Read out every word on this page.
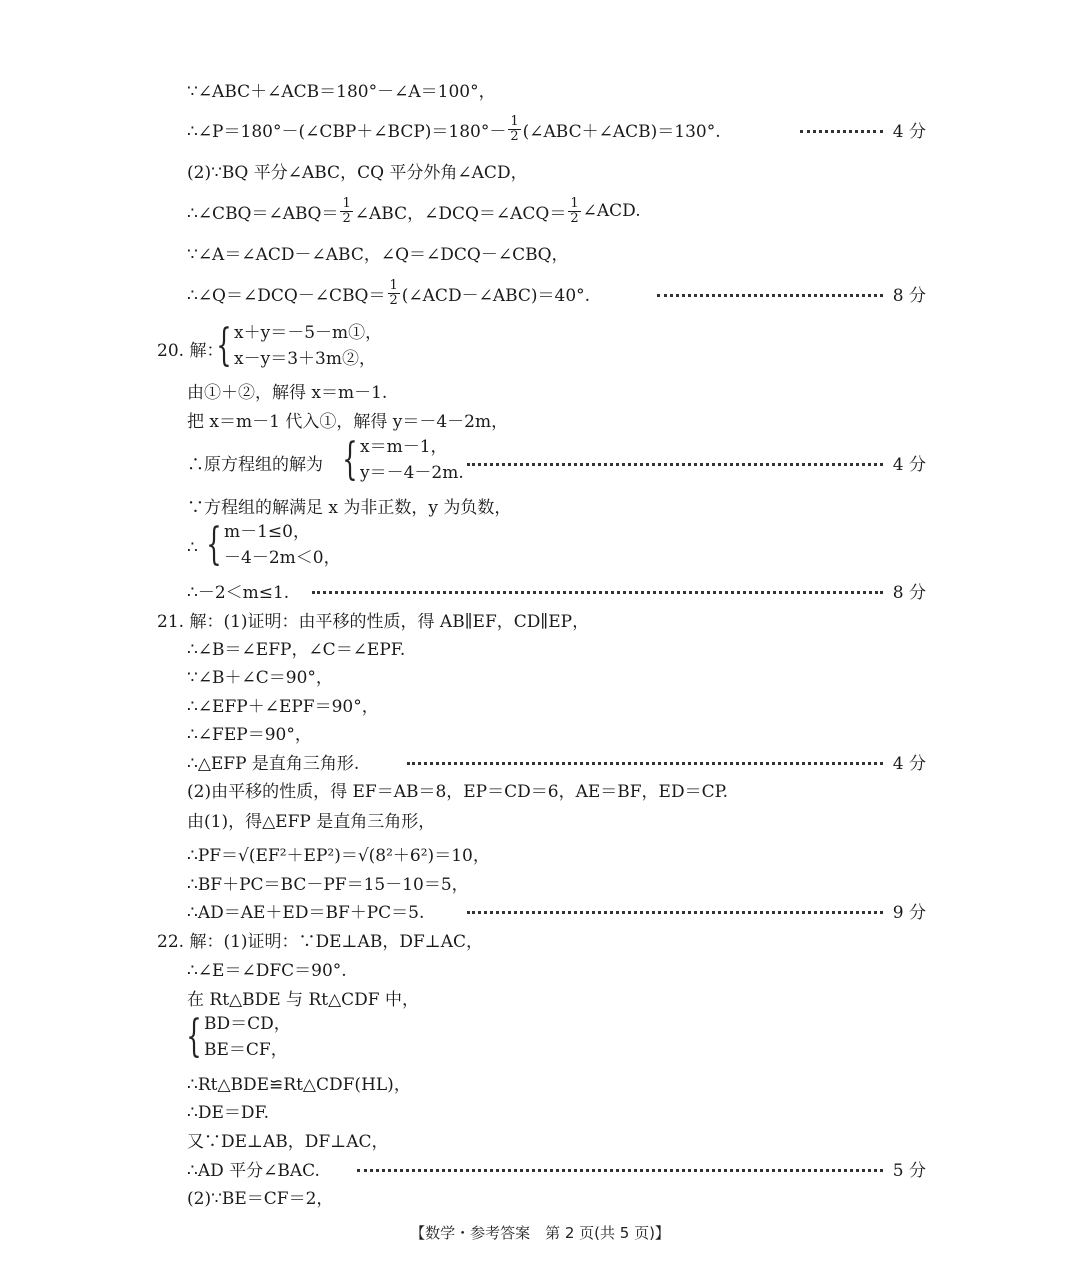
∵∠ABC＋∠ACB＝180°－∠A＝100°，
∴∠P＝180°－(∠CBP＋∠BCP)＝180°－ $\frac{1}{2}$ (∠ABC＋∠ACB)＝130°.	4 分
(2)∵BQ 平分∠ABC，CQ 平分外角∠ACD，
∴∠CBQ＝∠ABQ＝ $\frac{1}{2}$ ∠ABC，∠DCQ＝∠ACQ＝ $\frac{1}{2}$ ∠ACD.
∵∠A＝∠ACD－∠ABC，∠Q＝∠DCQ－∠CBQ，
∴∠Q＝∠DCQ－∠CBQ＝ $\frac{1}{2}$ (∠ACD－∠ABC)＝40°.	8 分
20. 解：
{ x＋y＝－5－m①，
x－y＝3＋3m②，
由①＋②，解得 x＝m－1.
把 x＝m－1 代入①，解得 y＝－4－2m，
∴原方程组的解为 { x＝m－1，
y＝－4－2m.	4 分
∵方程组的解满足 x 为非正数，y 为负数，
∴ { m－1≤0，
－4－2m＜0，
∴－2＜m≤1.	8 分
21. 解：(1)证明：由平移的性质，得 AB∥EF，CD∥EP，
∴∠B＝∠EFP，∠C＝∠EPF.
∵∠B＋∠C＝90°，
∴∠EFP＋∠EPF＝90°，
∴∠FEP＝90°，
∴△EFP 是直角三角形.	4 分
(2)由平移的性质，得 EF＝AB＝8，EP＝CD＝6，AE＝BF，ED＝CP.
由(1)，得△EFP 是直角三角形，
∴PF＝√(EF²＋EP²)＝√(8²＋6²)＝10，
∴BF＋PC＝BC－PF＝15－10＝5，
∴AD＝AE＋ED＝BF＋PC＝5.	9 分
22. 解：(1)证明：∵DE⊥AB，DF⊥AC，
∴∠E＝∠DFC＝90°.
在 Rt△BDE 与 Rt△CDF 中，
{ BD＝CD，
BE＝CF，
∴Rt△BDE≌Rt△CDF(HL)，
∴DE＝DF.
又∵DE⊥AB，DF⊥AC，
∴AD 平分∠BAC.	5 分
(2)∵BE＝CF＝2，
【数学・参考答案　第 2 页(共 5 页)】
